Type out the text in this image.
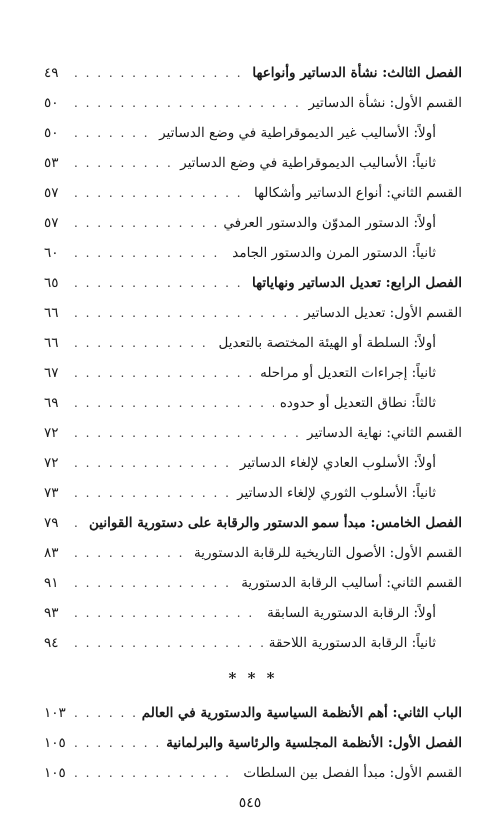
الفصل الثالث: نشأة الدساتير وأنواعها
. . .
٤٩
القسم الأول: نشأة الدساتير
. . .
٥٠
أولاً: الأساليب غير الديموقراطية في وضع الدساتير
. . .
٥٠
ثانياً: الأساليب الديموقراطية في وضع الدساتير
. . .
٥٣
القسم الثاني: أنواع الدساتير وأشكالها
. . .
٥٧
أولاً: الدستور المدوّن والدستور العرفي
. . .
٥٧
ثانياً: الدستور المرن والدستور الجامد
. . .
٦٠
الفصل الرابع: تعديل الدساتير ونهاياتها
. . .
٦٥
القسم الأول: تعديل الدساتير
. . .
٦٦
أولاً: السلطة أو الهيئة المختصة بالتعديل
. . .
٦٦
ثانياً: إجراءات التعديل أو مراحله
. . .
٦٧
ثالثاً: نطاق التعديل أو حدوده
. . .
٦٩
القسم الثاني: نهاية الدساتير
. . .
٧٢
أولاً: الأسلوب العادي لإلغاء الدساتير
. . .
٧٢
ثانياً: الأسلوب الثوري لإلغاء الدساتير
. . .
٧٣
الفصل الخامس: مبدأ سمو الدستور والرقابة على دستورية القوانين
. . .
٧٩
القسم الأول: الأصول التاريخية للرقابة الدستورية
. . .
٨٣
القسم الثاني: أساليب الرقابة الدستورية
. . .
٩١
أولاً: الرقابة الدستورية السابقة
. . .
٩٣
ثانياً: الرقابة الدستورية اللاحقة
. . .
٩٤
* * *
الباب الثاني: أهم الأنظمة السياسية والدستورية في العالم
. . .
١٠٣
الفصل الأول: الأنظمة المجلسية والرئاسية والبرلمانية
. . .
١٠٥
القسم الأول: مبدأ الفصل بين السلطات
. . .
١٠٥
٥٤٥
